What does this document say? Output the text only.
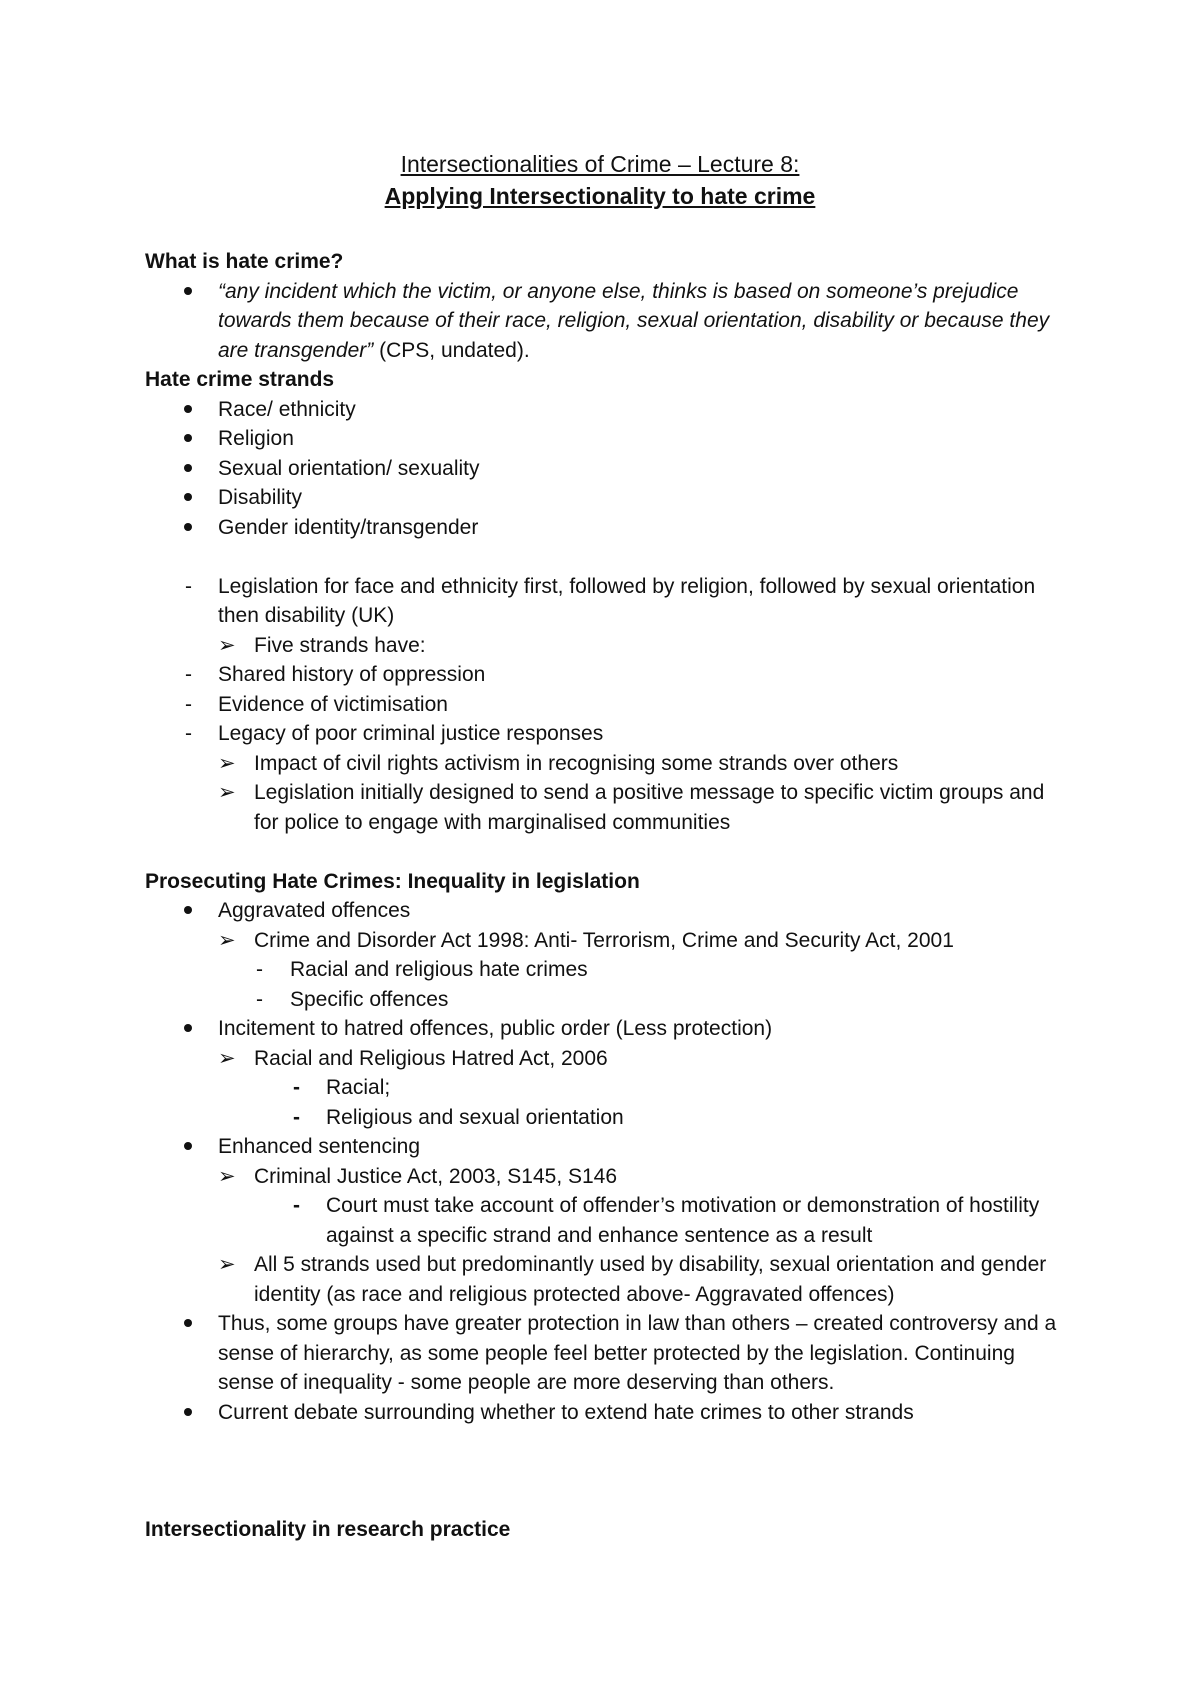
Intersectionalities of Crime – Lecture 8:
Applying Intersectionality to hate crime
What is hate crime?
“any incident which the victim, or anyone else, thinks is based on someone’s prejudice towards them because of their race, religion, sexual orientation, disability or because they are transgender” (CPS, undated).
Hate crime strands
Race/ ethnicity
Religion
Sexual orientation/ sexuality
Disability
Gender identity/transgender
-	Legislation for face and ethnicity first, followed by religion, followed by sexual orientation then disability (UK)
➢ Five strands have:
-	Shared history of oppression
-	Evidence of victimisation
-	Legacy of poor criminal justice responses
➢ Impact of civil rights activism in recognising some strands over others
➢ Legislation initially designed to send a positive message to specific victim groups and for police to engage with marginalised communities
Prosecuting Hate Crimes: Inequality in legislation
Aggravated offences
➢ Crime and Disorder Act 1998: Anti- Terrorism, Crime and Security Act, 2001
-	Racial and religious hate crimes
-	Specific offences
Incitement to hatred offences, public order (Less protection)
➢ Racial and Religious Hatred Act, 2006
-	Racial;
-	Religious and sexual orientation
Enhanced sentencing
➢ Criminal Justice Act, 2003, S145, S146
-	Court must take account of offender’s motivation or demonstration of hostility against a specific strand and enhance sentence as a result
➢ All 5 strands used but predominantly used by disability, sexual orientation and gender identity (as race and religious protected above- Aggravated offences)
Thus, some groups have greater protection in law than others – created controversy and a sense of hierarchy, as some people feel better protected by the legislation. Continuing sense of inequality - some people are more deserving than others.
Current debate surrounding whether to extend hate crimes to other strands
Intersectionality in research practice
